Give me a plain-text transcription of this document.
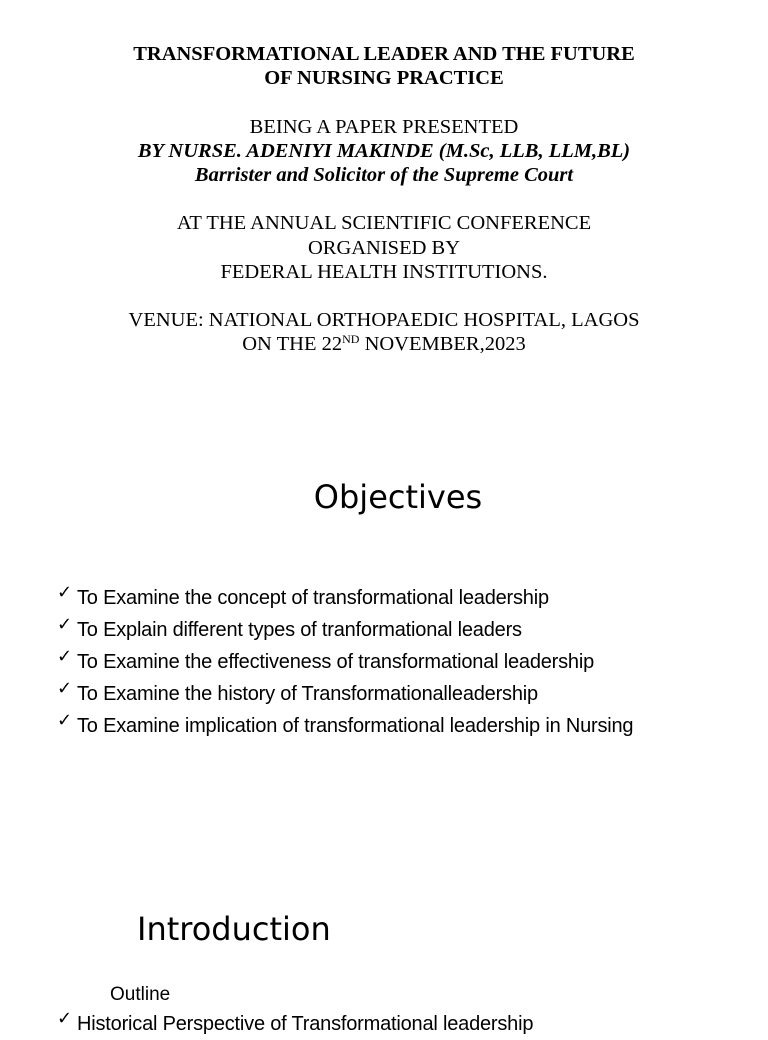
TRANSFORMATIONAL LEADER AND THE FUTURE
OF NURSING PRACTICE
BEING A PAPER PRESENTED
BY NURSE. ADENIYI MAKINDE (M.Sc, LLB, LLM,BL)
Barrister and Solicitor of the Supreme Court
AT THE ANNUAL SCIENTIFIC CONFERENCE
ORGANISED BY
FEDERAL HEALTH INSTITUTIONS.
VENUE: NATIONAL ORTHOPAEDIC HOSPITAL, LAGOS
ON THE 22ND NOVEMBER,2023
Objectives
✓ To Examine the concept of transformational leadership
✓ To Explain different types of tranformational leaders
✓ To Examine the effectiveness of transformational leadership
✓ To Examine the history of Transformationalleadership
✓ To Examine implication of transformational leadership in Nursing
Introduction
Outline
✓ Historical Perspective of Transformational leadership
